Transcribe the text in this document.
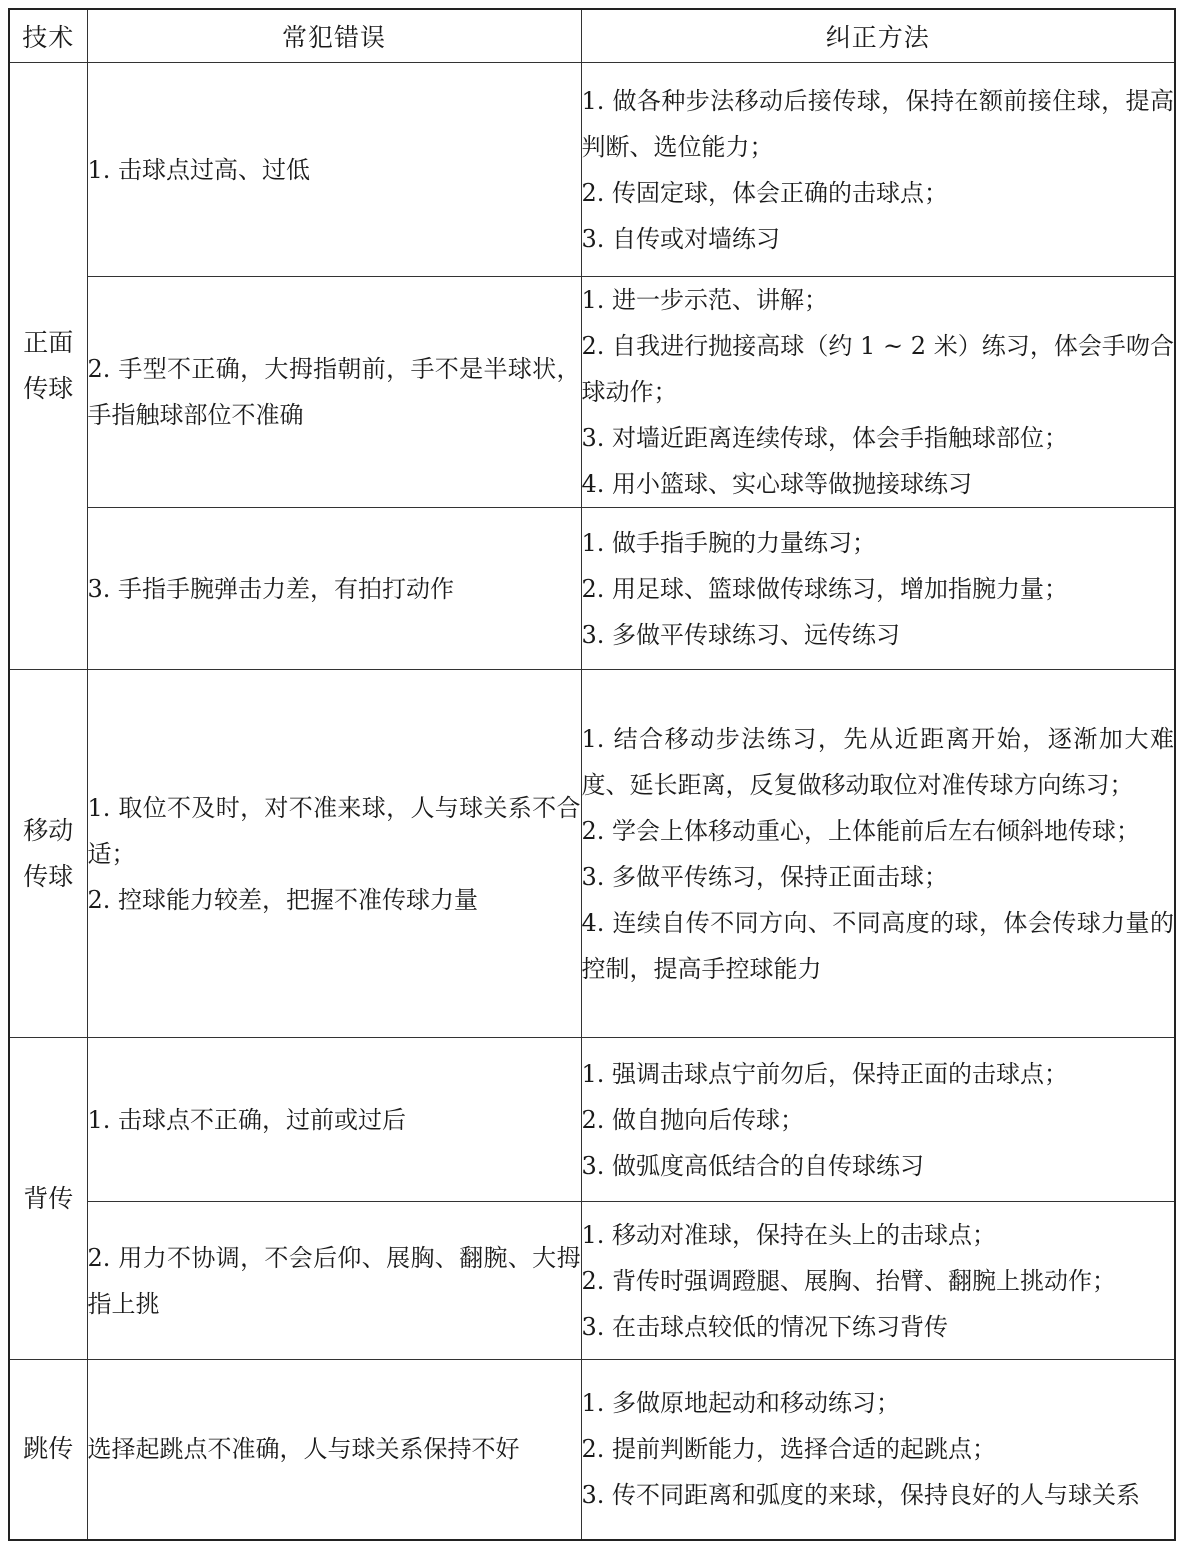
技术	常犯错误	纠正方法
正面
传球	1. 击球点过高、过低	1. 做各种步法移动后接传球，保持在额前接住球，提高判断、选位能力；
2. 传固定球，体会正确的击球点；
3. 自传或对墙练习

	2. 手型不正确，大拇指朝前，手不是半球状，手指触球部位不准确	1. 进一步示范、讲解；
2. 自我进行抛接高球（约 1 ~ 2 米）练习，体会手吻合球动作；
3. 对墙近距离连续传球，体会手指触球部位；
4. 用小篮球、实心球等做抛接球练习

	3. 手指手腕弹击力差，有拍打动作	1. 做手指手腕的力量练习；
2. 用足球、篮球做传球练习，增加指腕力量；
3. 多做平传球练习、远传练习

移动
传球	1. 取位不及时，对不准来球，人与球关系不合适；
2. 控球能力较差，把握不准传球力量	1. 结合移动步法练习，先从近距离开始，逐渐加大难度、延长距离，反复做移动取位对准传球方向练习；
2. 学会上体移动重心，上体能前后左右倾斜地传球；
3. 多做平传练习，保持正面击球；
4. 连续自传不同方向、不同高度的球，体会传球力量的控制，提高手控球能力

背传	1. 击球点不正确，过前或过后	1. 强调击球点宁前勿后，保持正面的击球点；
2. 做自抛向后传球；
3. 做弧度高低结合的自传球练习

	2. 用力不协调，不会后仰、展胸、翻腕、大拇指上挑	1. 移动对准球，保持在头上的击球点；
2. 背传时强调蹬腿、展胸、抬臂、翻腕上挑动作；
3. 在击球点较低的情况下练习背传

跳传	选择起跳点不准确，人与球关系保持不好	1. 多做原地起动和移动练习；
2. 提前判断能力，选择合适的起跳点；
3. 传不同距离和弧度的来球，保持良好的人与球关系
